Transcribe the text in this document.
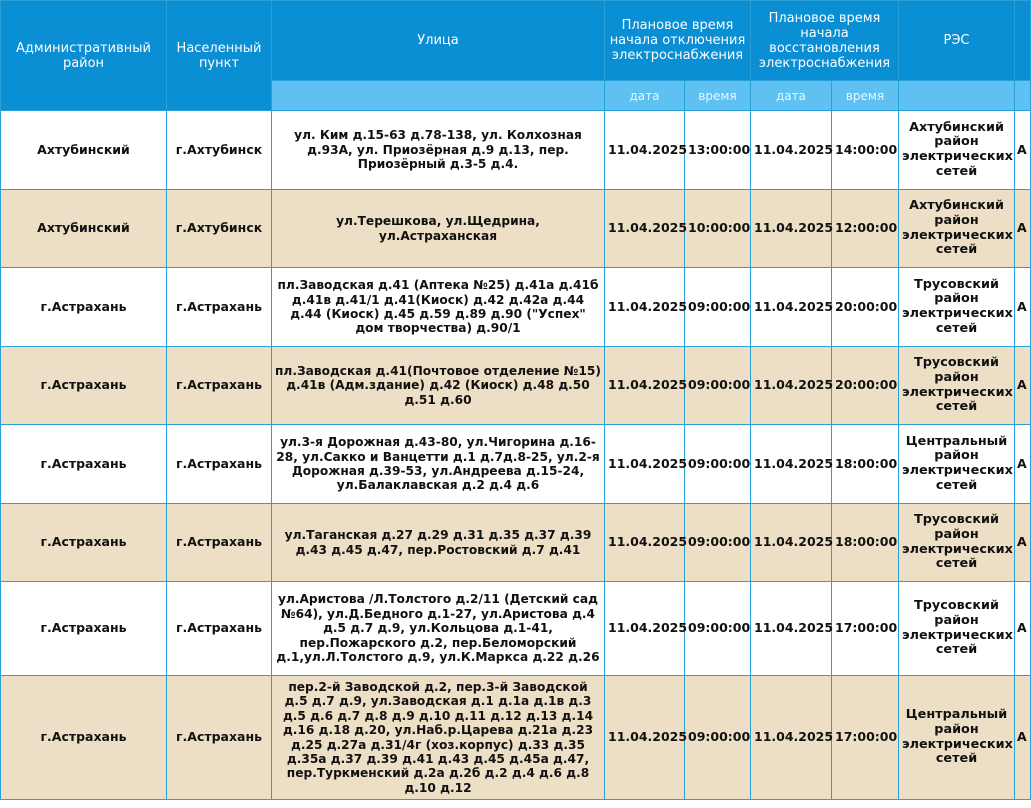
Административный район	Населенный пункт	Улица	Плановое время начала отключения электроснабжения		Плановое время начала восстановления электроснабжения		РЭС	
			дата	время	дата	время		
Ахтубинский	г.Ахтубинск	ул. Ким д.15-63 д.78-138, ул. Колхозная д.93А, ул. Приозёрная д.9 д.13, пер. Приозёрный д.3-5 д.4.	11.04.2025	13:00:00	11.04.2025	14:00:00	Ахтубинский район электрических сетей	А
Ахтубинский	г.Ахтубинск	ул.Терешкова, ул.Щедрина, ул.Астраханская	11.04.2025	10:00:00	11.04.2025	12:00:00	Ахтубинский район электрических сетей	А
г.Астрахань	г.Астрахань	пл.Заводская д.41 (Аптека №25) д.41а д.41б д.41в д.41/1 д.41(Киоск) д.42 д.42а д.44 д.44 (Киоск) д.45 д.59 д.89 д.90 ("Успех" дом творчества) д.90/1	11.04.2025	09:00:00	11.04.2025	20:00:00	Трусовский район электрических сетей	А
г.Астрахань	г.Астрахань	пл.Заводская д.41(Почтовое отделение №15) д.41в (Адм.здание) д.42 (Киоск) д.48 д.50 д.51 д.60	11.04.2025	09:00:00	11.04.2025	20:00:00	Трусовский район электрических сетей	А
г.Астрахань	г.Астрахань	ул.3-я Дорожная д.43-80, ул.Чигорина д.16-28, ул.Сакко и Ванцетти д.1 д.7д.8-25, ул.2-я Дорожная д.39-53, ул.Андреева д.15-24, ул.Балаклавская д.2 д.4 д.6	11.04.2025	09:00:00	11.04.2025	18:00:00	Центральный район электрических сетей	А
г.Астрахань	г.Астрахань	ул.Таганская д.27 д.29 д.31 д.35 д.37 д.39 д.43 д.45 д.47, пер.Ростовский д.7 д.41	11.04.2025	09:00:00	11.04.2025	18:00:00	Трусовский район электрических сетей	А
г.Астрахань	г.Астрахань	ул.Аристова /Л.Толстого д.2/11 (Детский сад №64), ул.Д.Бедного д.1-27, ул.Аристова д.4 д.5 д.7 д.9, ул.Кольцова д.1-41, пер.Пожарского д.2, пер.Беломорский д.1,ул.Л.Толстого д.9, ул.К.Маркса д.22 д.26	11.04.2025	09:00:00	11.04.2025	17:00:00	Трусовский район электрических сетей	А
г.Астрахань	г.Астрахань	пер.2-й Заводской д.2, пер.3-й Заводской д.5 д.7 д.9, ул.Заводская д.1 д.1а д.1в д.3 д.5 д.6 д.7 д.8 д.9 д.10 д.11 д.12 д.13 д.14 д.16 д.18 д.20, ул.Наб.р.Царева д.21а д.23 д.25 д.27а д.31/4г (хоз.корпус) д.33 д.35 д.35а д.37 д.39 д.41 д.43 д.45 д.45а д.47, пер.Туркменский д.2а д.2б д.2 д.4 д.6 д.8 д.10 д.12	11.04.2025	09:00:00	11.04.2025	17:00:00	Центральный район электрических сетей	А
